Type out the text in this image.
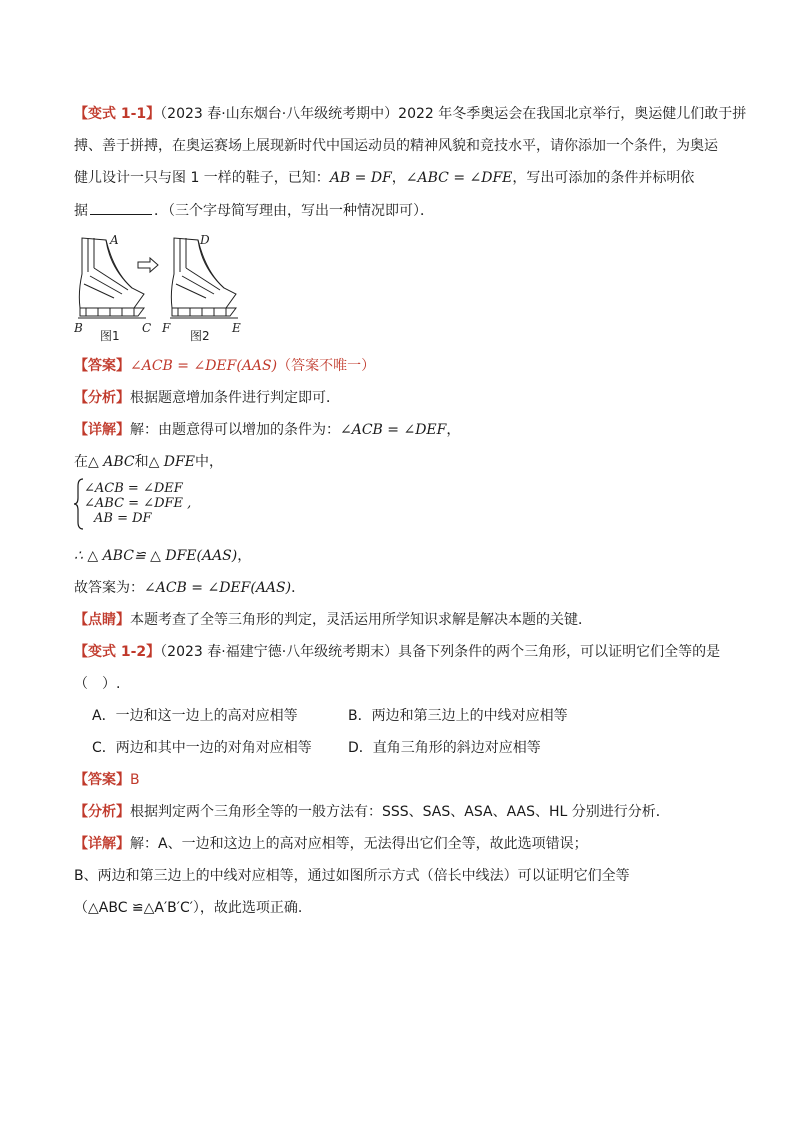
【变式 1-1】（2023 春·山东烟台·八年级统考期中）2022 年冬季奥运会在我国北京举行，奥运健儿们敢于拼
搏、善于拼搏，在奥运赛场上展现新时代中国运动员的精神风貌和竞技水平，请你添加一个条件，为奥运
健儿设计一只与图 1 一样的鞋子，已知：AB = DF，∠ABC = ∠DFE，写出可添加的条件并标明依
A
B	C
D
F	E
图1	图2
【答案】∠ACB = ∠DEF(AAS)（答案不唯一）
【分析】根据题意增加条件进行判定即可．
【详解】解：由题意得可以增加的条件为：∠ACB = ∠DEF，
在△ ABC和△ DFE中，
∠ACB = ∠DEF
∠ABC = ∠DFE ,
AB = DF
∴ △ ABC≌ △ DFE(AAS)，
故答案为：∠ACB = ∠DEF(AAS)．
【点睛】本题考查了全等三角形的判定，灵活运用所学知识求解是解决本题的关键．
【变式 1-2】（2023 春·福建宁德·八年级统考期末）具备下列条件的两个三角形，可以证明它们全等的是
（　）.
A．一边和这一边上的高对应相等	B．两边和第三边上的中线对应相等
C．两边和其中一边的对角对应相等	D．直角三角形的斜边对应相等
【答案】B
【分析】根据判定两个三角形全等的一般方法有：SSS、SAS、ASA、AAS、HL 分别进行分析．
【详解】解：A、一边和这边上的高对应相等，无法得出它们全等，故此选项错误；
B、两边和第三边上的中线对应相等，通过如图所示方式（倍长中线法）可以证明它们全等
（△ABC ≌△A′B′C′），故此选项正确.
据	．（三个字母简写理由，写出一种情况即可）．
